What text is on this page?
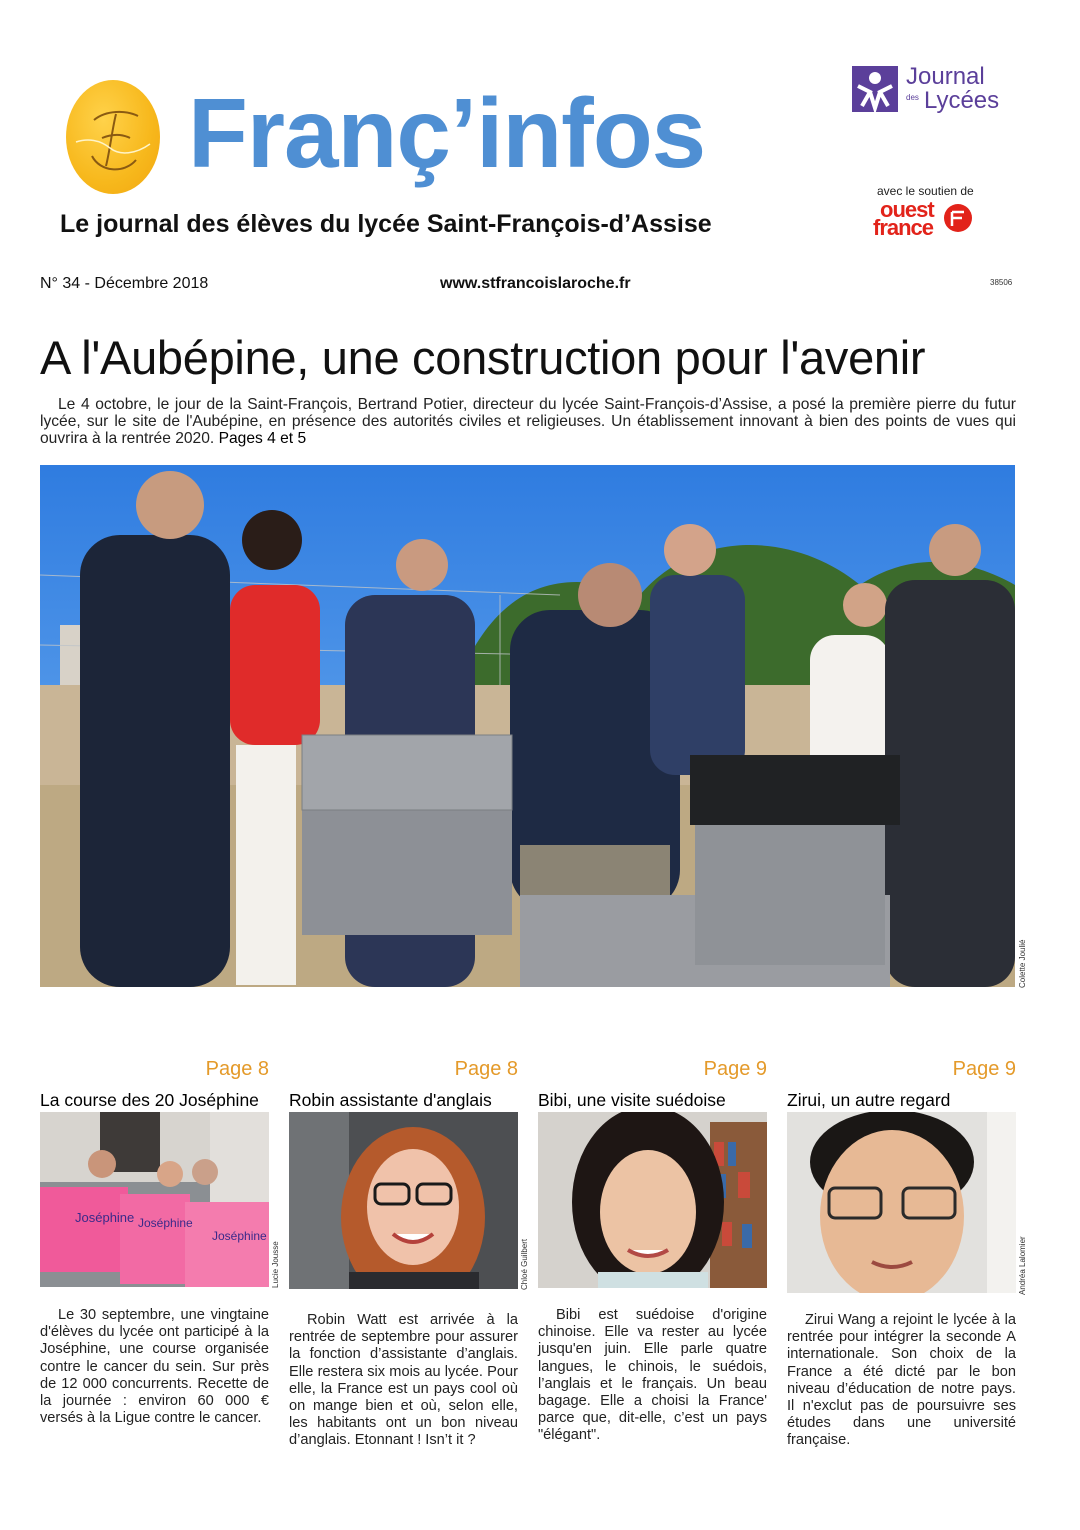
Franç’infos
Le journal des élèves du lycée Saint-François-d’Assise
Journal
des Lycées
avec le soutien de
ouest
france
N° 34 - Décembre 2018	www.stfrancoislaroche.fr	38506
A l'Aubépine, une construction pour l'avenir

Le 4 octobre, le jour de la Saint-François, Bertrand Potier, directeur du lycée Saint-François-d’Assise, a posé la première pierre du futur lycée, sur le site de l'Aubépine, en présence des autorités civiles et religieuses. Un établissement innovant à bien des points de vues qui ouvrira à la rentrée 2020. Pages 4 et 5

Colette Joulié
Page 8
La course des 20 Joséphine
Joséphine Joséphine
Joséphine
Lucie Jousse

Le 30 septembre, une vingtaine d'élèves du lycée ont participé à la Joséphine, une course organisée contre le cancer du sein. Sur près de 12 000 concurrents. Recette de la journée : environ 60 000 € versés à la Ligue contre le cancer.

Page 8
Robin assistante d'anglais

Robin Watt est arrivée à la rentrée de septembre pour assurer la fonction d’assistante d’anglais. Elle restera six mois au lycée. Pour elle, la France est un pays cool où on mange bien et où, selon elle, les habitants ont un bon niveau d’anglais. Etonnant ! Isn’t it ?

Page 9
Bibi, une visite suédoise
Chloé Guilbert

Bibi est suédoise d'origine chinoise. Elle va rester au lycée jusqu'en juin. Elle parle quatre langues, le chinois, le suédois, l’anglais et le français. Un beau bagage. Elle a choisi la France' parce que, dit-elle, c’est un pays "élégant".

Page 9
Zirui, un autre regard
Andréa Lalomier

Zirui Wang a rejoint le lycée à la rentrée pour intégrer la seconde A internationale. Son choix de la France a été dicté par le bon niveau d’éducation de notre pays. Il n'exclut pas de poursuivre ses études dans une université française.
